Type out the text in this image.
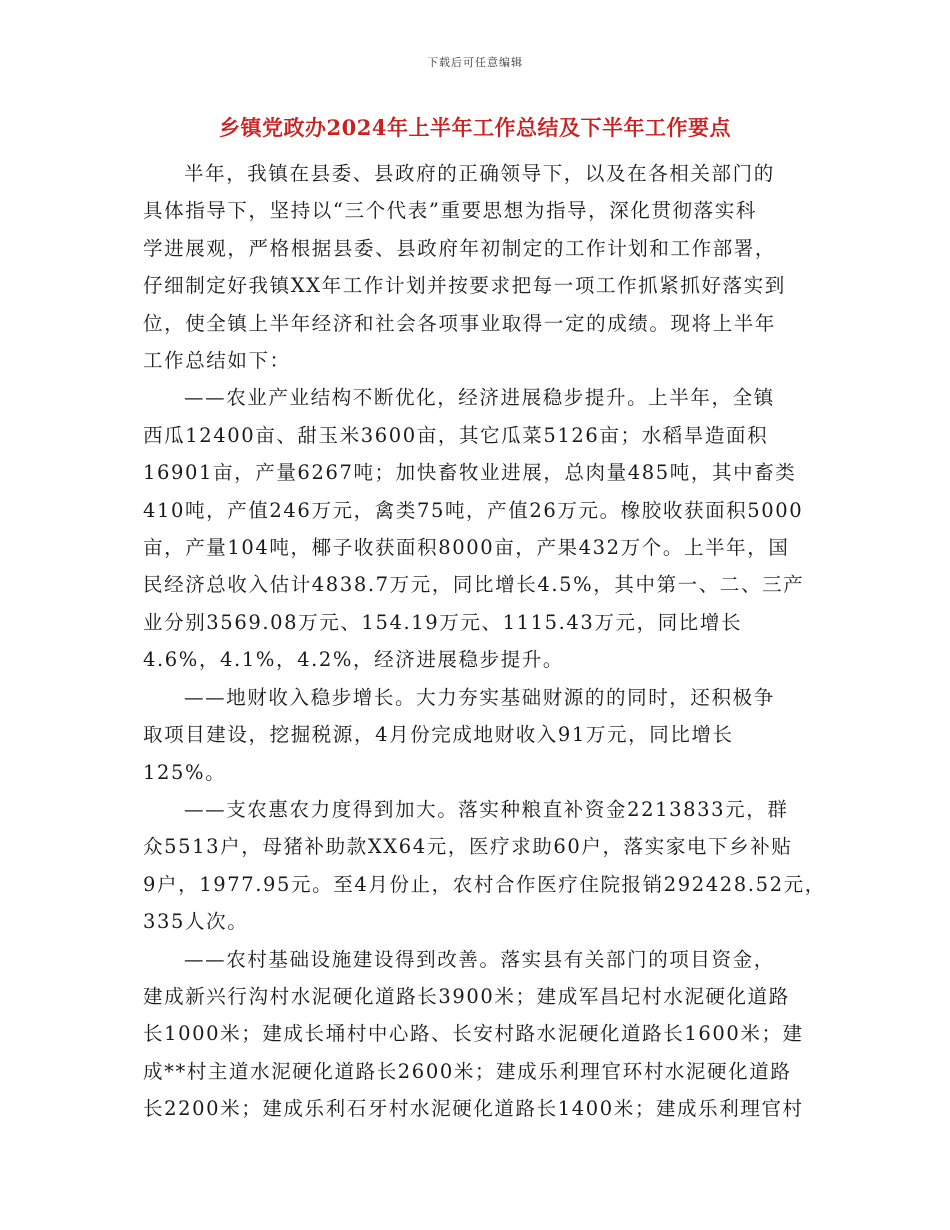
下载后可任意编辑
乡镇党政办2024年上半年工作总结及下半年工作要点
半年，我镇在县委、县政府的正确领导下，以及在各相关部门的
具体指导下，坚持以“三个代表”重要思想为指导，深化贯彻落实科
学进展观，严格根据县委、县政府年初制定的工作计划和工作部署，
仔细制定好我镇XX年工作计划并按要求把每一项工作抓紧抓好落实到
位，使全镇上半年经济和社会各项事业取得一定的成绩。现将上半年
工作总结如下：
——农业产业结构不断优化，经济进展稳步提升。上半年，全镇
西瓜12400亩、甜玉米3600亩，其它瓜菜5126亩；水稻旱造面积
16901亩，产量6267吨；加快畜牧业进展，总肉量485吨，其中畜类
410吨，产值246万元，禽类75吨，产值26万元。橡胶收获面积5000
亩，产量104吨，椰子收获面积8000亩，产果432万个。上半年，国
民经济总收入估计4838.7万元，同比增长4.5%，其中第一、二、三产
业分别3569.08万元、154.19万元、1115.43万元，同比增长
4.6%，4.1%，4.2%，经济进展稳步提升。
——地财收入稳步增长。大力夯实基础财源的的同时，还积极争
取项目建设，挖掘税源，4月份完成地财收入91万元，同比增长
125%。
——支农惠农力度得到加大。落实种粮直补资金2213833元，群
众5513户，母猪补助款XX64元，医疗求助60户，落实家电下乡补贴
9户，1977.95元。至4月份止，农村合作医疗住院报销292428.52元，
335人次。
——农村基础设施建设得到改善。落实县有关部门的项目资金，
建成新兴行沟村水泥硬化道路长3900米；建成军昌圮村水泥硬化道路
长1000米；建成长埇村中心路、长安村路水泥硬化道路长1600米；建
成**村主道水泥硬化道路长2600米；建成乐利理官环村水泥硬化道路
长2200米；建成乐利石牙村水泥硬化道路长1400米；建成乐利理官村
